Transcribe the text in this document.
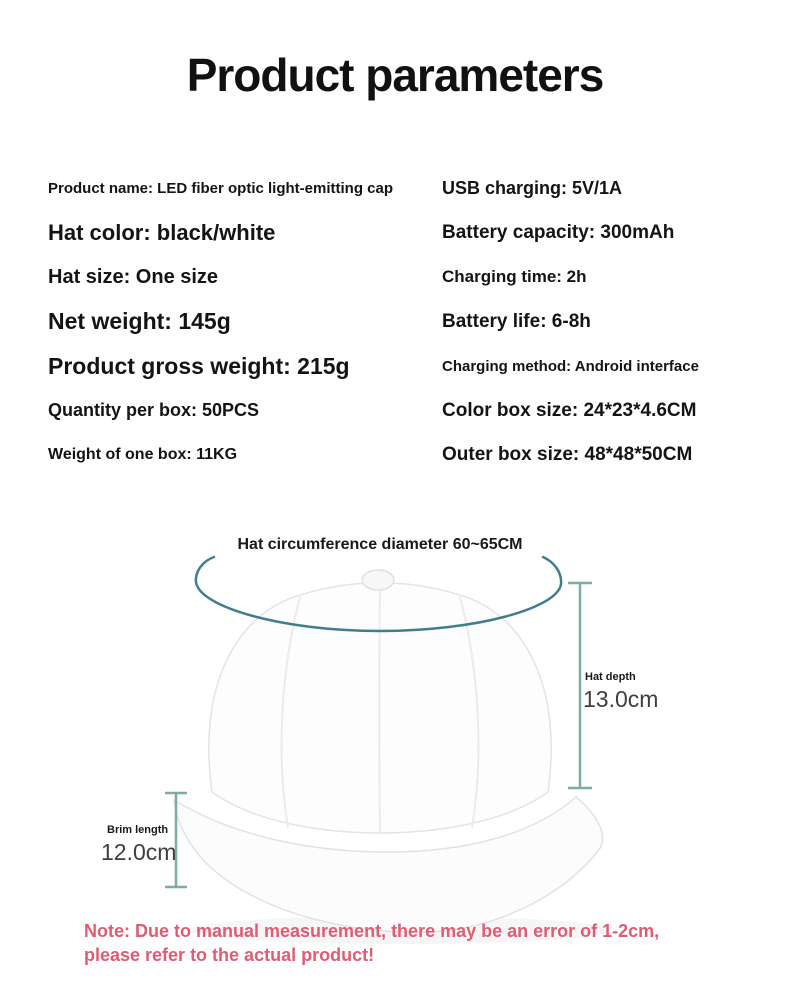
Product parameters
Product name: LED fiber optic light-emitting cap
Hat color: black/white
Hat size: One size
Net weight: 145g
Product gross weight: 215g
Quantity per box: 50PCS
Weight of one box: 11KG
USB charging: 5V/1A
Battery capacity: 300mAh
Charging time: 2h
Battery life: 6-8h
Charging method: Android interface
Color box size: 24*23*4.6CM
Outer box size: 48*48*50CM
Hat circumference diameter 60~65CM
Hat depth
13.0cm
Brim length
12.0cm
Note: Due to manual measurement, there may be an error of 1-2cm, please refer to the actual product!
